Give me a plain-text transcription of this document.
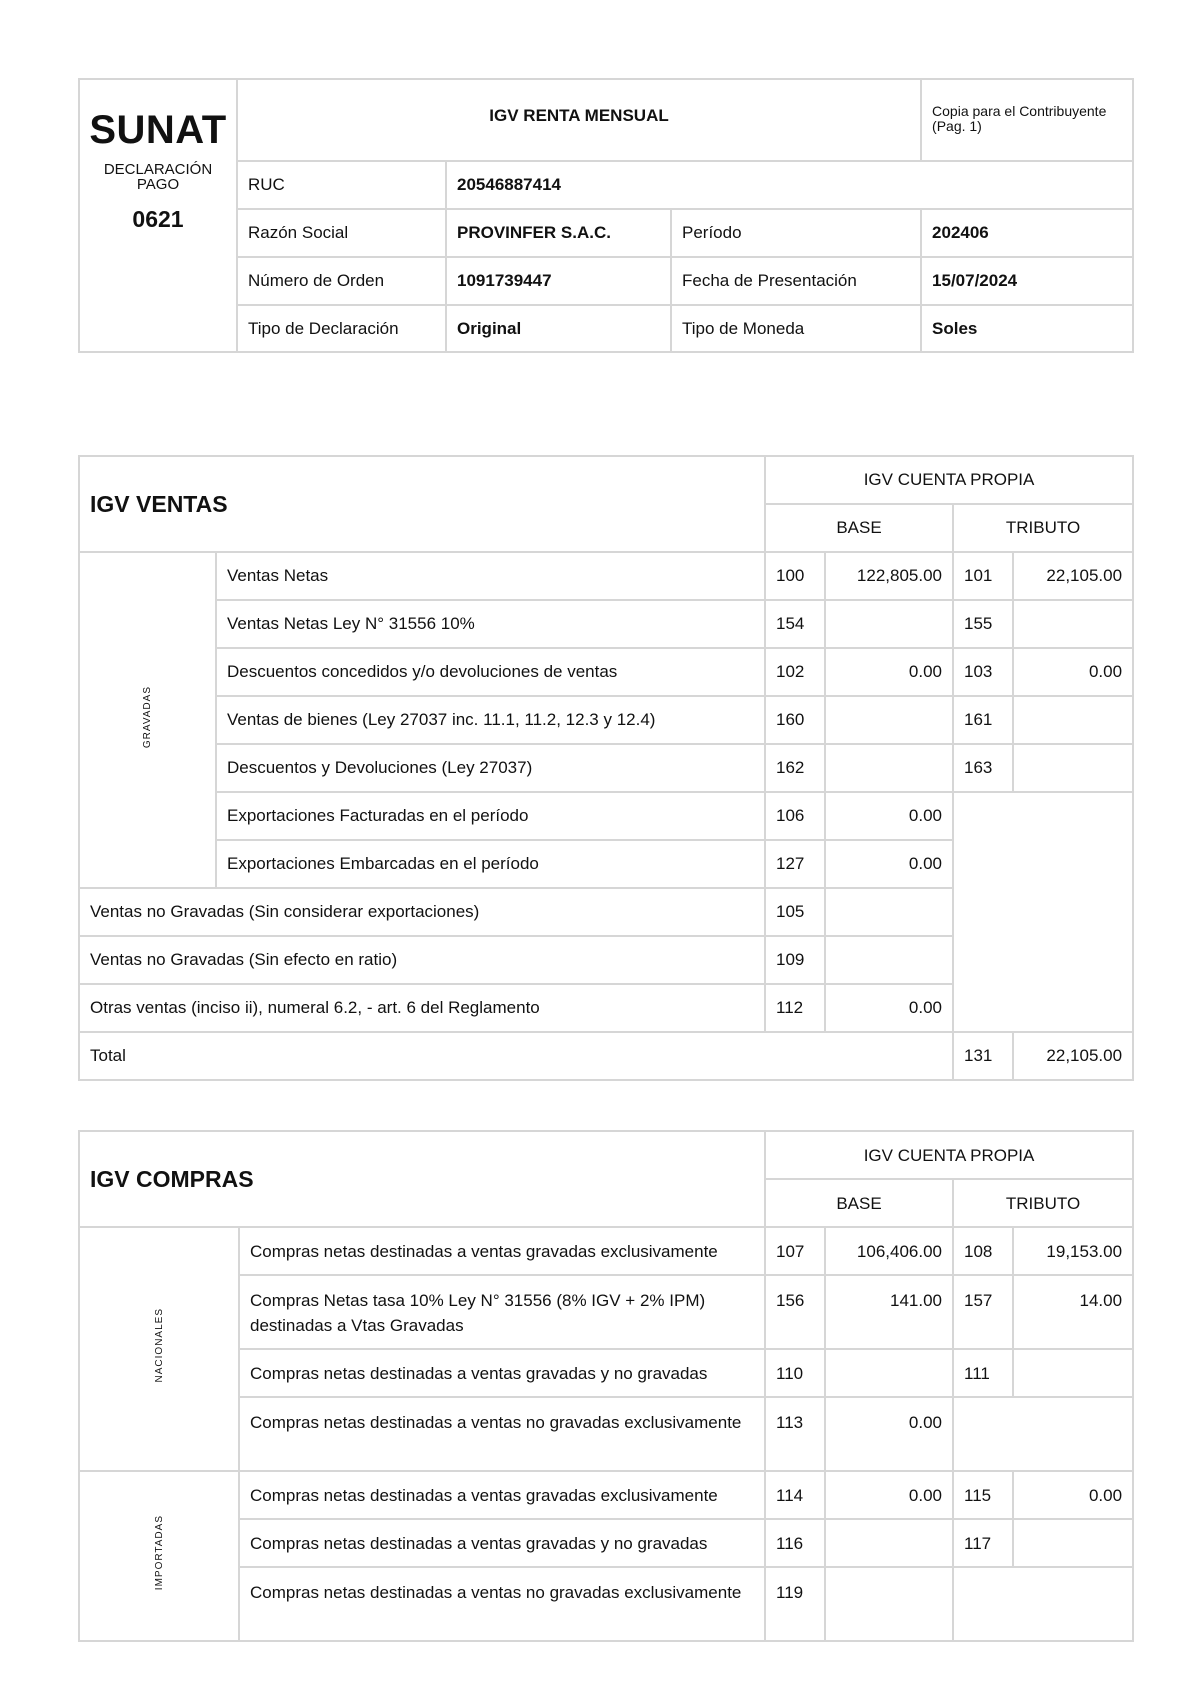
SUNAT
DECLARACIÓN PAGO
0621	IGV RENTA MENSUAL			Copia para el Contribuyente (Pag. 1)
	RUC	20546887414		
	Razón Social	PROVINFER S.A.C.	Período	202406
	Número de Orden	1091739447	Fecha de Presentación	15/07/2024
	Tipo de Declaración	Original	Tipo de Moneda	Soles
IGV VENTAS		IGV CUENTA PROPIA			
		BASE		TRIBUTO	
GRAVADAS	Ventas Netas	100	122,805.00	101	22,105.00
	Ventas Netas Ley N° 31556 10%	154		155	
	Descuentos concedidos y/o devoluciones de ventas	102	0.00	103	0.00
	Ventas de bienes (Ley 27037 inc. 11.1, 11.2, 12.3 y 12.4)	160		161	
	Descuentos y Devoluciones (Ley 27037)	162		163	
	Exportaciones Facturadas en el período	106	0.00		
	Exportaciones Embarcadas en el período	127	0.00		
Ventas no Gravadas (Sin considerar exportaciones)		105			
Ventas no Gravadas (Sin efecto en ratio)		109			
Otras ventas (inciso ii), numeral 6.2, - art. 6 del Reglamento		112	0.00		
Total				131	22,105.00
IGV COMPRAS		IGV CUENTA PROPIA			
		BASE		TRIBUTO	
NACIONALES	Compras netas destinadas a ventas gravadas exclusivamente	107	106,406.00	108	19,153.00
	Compras Netas tasa 10% Ley N° 31556 (8% IGV + 2% IPM) destinadas a Vtas Gravadas	156	141.00	157	14.00
	Compras netas destinadas a ventas gravadas y no gravadas	110		111	
	Compras netas destinadas a ventas no gravadas exclusivamente	113	0.00		
IMPORTADAS	Compras netas destinadas a ventas gravadas exclusivamente	114	0.00	115	0.00
	Compras netas destinadas a ventas gravadas y no gravadas	116		117	
	Compras netas destinadas a ventas no gravadas exclusivamente	119			
